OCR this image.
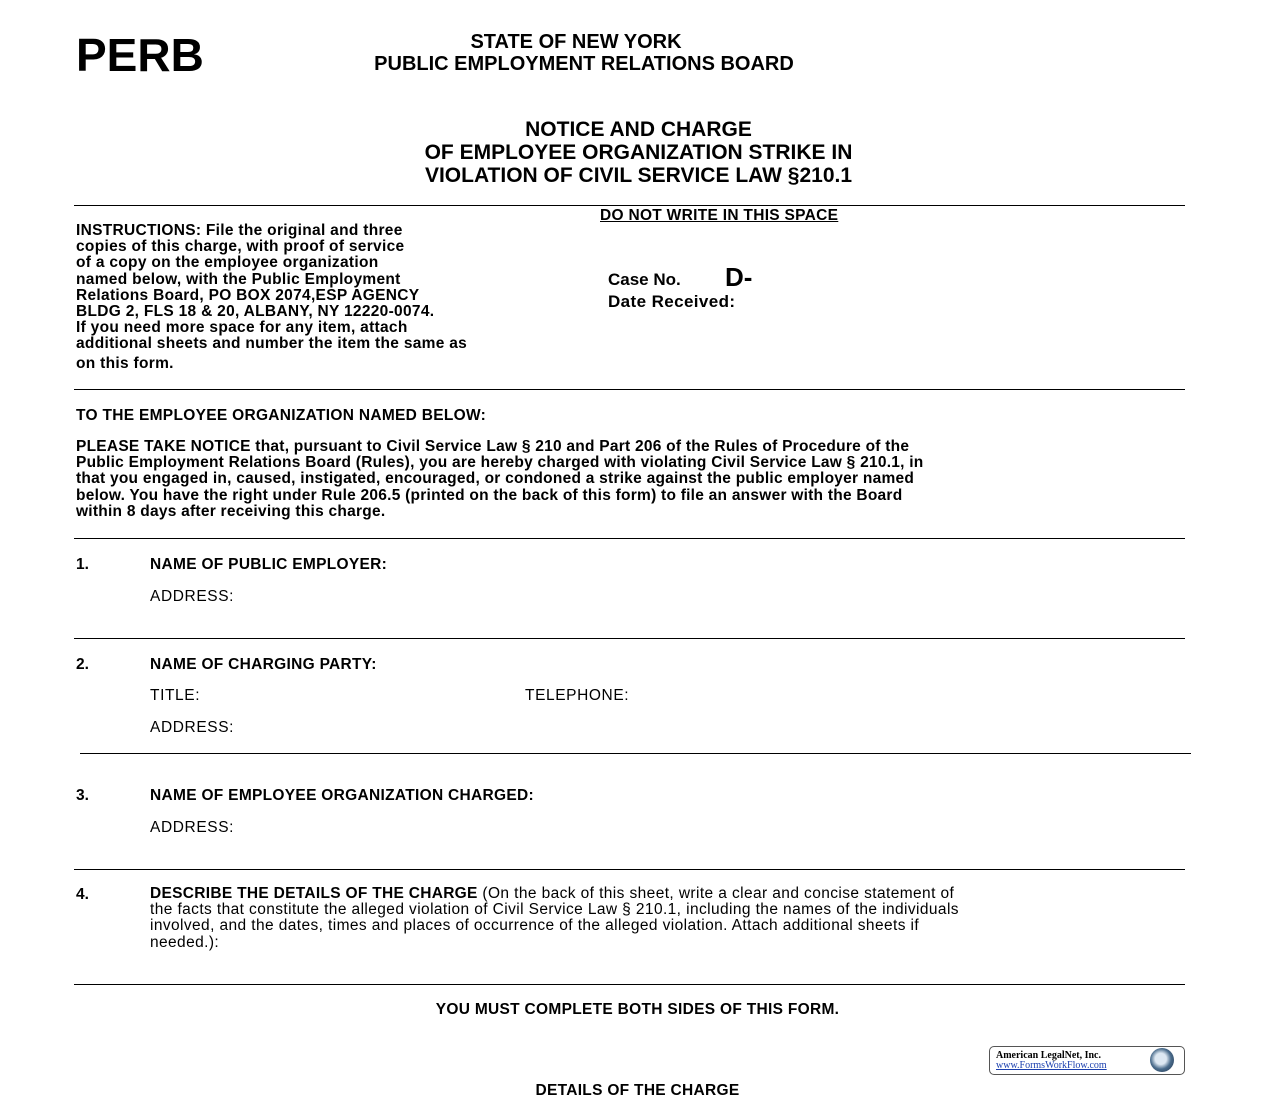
PERB	STATE OF NEW YORK
PUBLIC EMPLOYMENT RELATIONS BOARD
NOTICE AND CHARGE
OF EMPLOYEE ORGANIZATION STRIKE IN
VIOLATION OF CIVIL SERVICE LAW §210.1
INSTRUCTIONS: File the original and three
copies of this charge, with proof of service
of a copy on the employee organization
named below, with the Public Employment
Relations Board, PO BOX 2074,ESP AGENCY
BLDG 2, FLS 18 & 20, ALBANY, NY 12220-0074.
If you need more space for any item, attach
additional sheets and number the item the same as
on this form.
DO NOT WRITE IN THIS SPACE
Case No. D-
Date Received:
TO THE EMPLOYEE ORGANIZATION NAMED BELOW:
PLEASE TAKE NOTICE that, pursuant to Civil Service Law § 210 and Part 206 of the Rules of Procedure of the
Public Employment Relations Board (Rules), you are hereby charged with violating Civil Service Law § 210.1, in
that you engaged in, caused, instigated, encouraged, or condoned a strike against the public employer named
below. You have the right under Rule 206.5 (printed on the back of this form) to file an answer with the Board
within 8 days after receiving this charge.
1.	NAME OF PUBLIC EMPLOYER:
ADDRESS:
2.	NAME OF CHARGING PARTY:
TITLE:	TELEPHONE:
ADDRESS:
3.	NAME OF EMPLOYEE ORGANIZATION CHARGED:
ADDRESS:
4.	DESCRIBE THE DETAILS OF THE CHARGE (On the back of this sheet, write a clear and concise statement of
the facts that constitute the alleged violation of Civil Service Law § 210.1, including the names of the individuals
involved, and the dates, times and places of occurrence of the alleged violation. Attach additional sheets if
needed.):
YOU MUST COMPLETE BOTH SIDES OF THIS FORM.
American LegalNet, Inc.
www.FormsWorkFlow.com
DETAILS OF THE CHARGE
